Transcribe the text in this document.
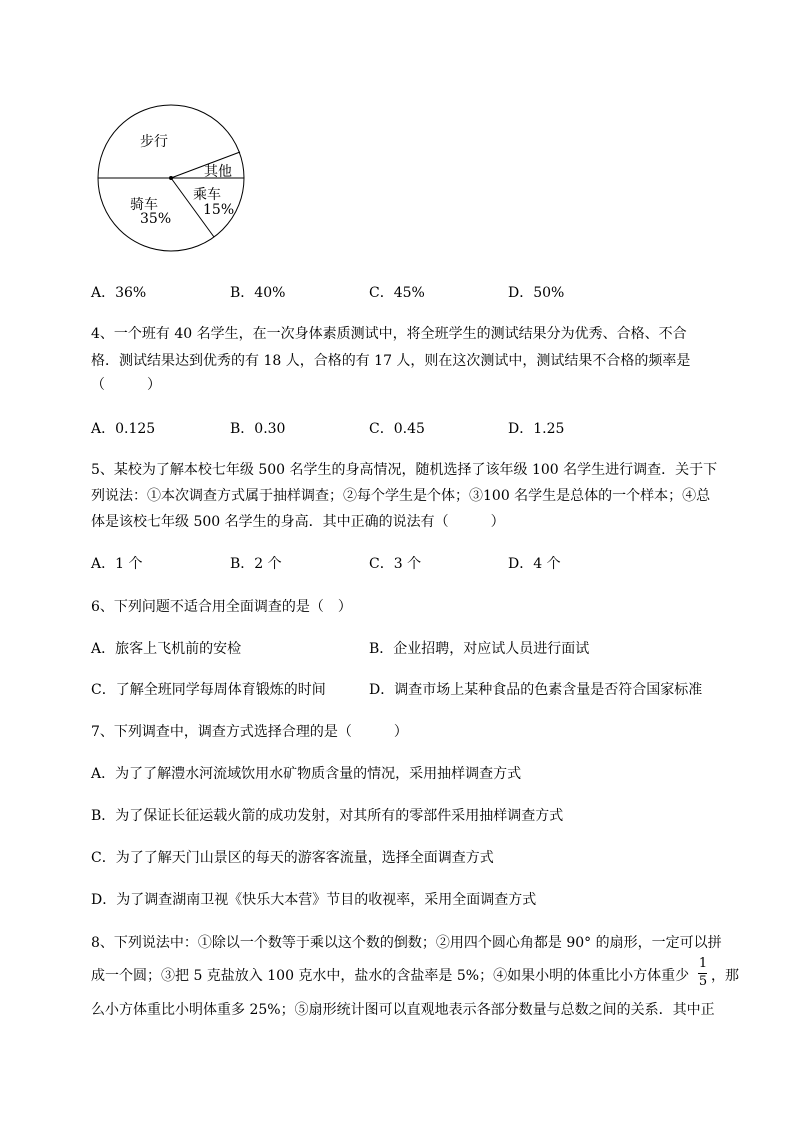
步行
其他
乘车
15%
骑车
35%
A．36%	B．40%	C．45%	D．50%
4、一个班有 40 名学生，在一次身体素质测试中，将全班学生的测试结果分为优秀、合格、不合
格．测试结果达到优秀的有 18 人，合格的有 17 人，则在这次测试中，测试结果不合格的频率是
（　　　）
A．0.125	B．0.30	C．0.45	D．1.25
5、某校为了解本校七年级 500 名学生的身高情况，随机选择了该年级 100 名学生进行调查．关于下
列说法：①本次调查方式属于抽样调查；②每个学生是个体；③100 名学生是总体的一个样本；④总
体是该校七年级 500 名学生的身高．其中正确的说法有（　　　）
A．1 个	B．2 个	C．3 个	D．4 个
6、下列问题不适合用全面调查的是（　）
A．旅客上飞机前的安检	B．企业招聘，对应试人员进行面试
C．了解全班同学每周体育锻炼的时间	D．调查市场上某种食品的色素含量是否符合国家标准
7、下列调查中，调查方式选择合理的是（　　　）
A．为了了解澧水河流域饮用水矿物质含量的情况，采用抽样调查方式
B．为了保证长征运载火箭的成功发射，对其所有的零部件采用抽样调查方式
C．为了了解天门山景区的每天的游客客流量，选择全面调查方式
D．为了调查湖南卫视《快乐大本营》节目的收视率，采用全面调查方式
8、下列说法中：①除以一个数等于乘以这个数的倒数；②用四个圆心角都是 90° 的扇形，一定可以拼
成一个圆；③把 5 克盐放入 100 克水中，盐水的含盐率是 5%；④如果小明的体重比小方体重少
1
5 ，那
么小方体重比小明体重多 25%；⑤扇形统计图可以直观地表示各部分数量与总数之间的关系．其中正
